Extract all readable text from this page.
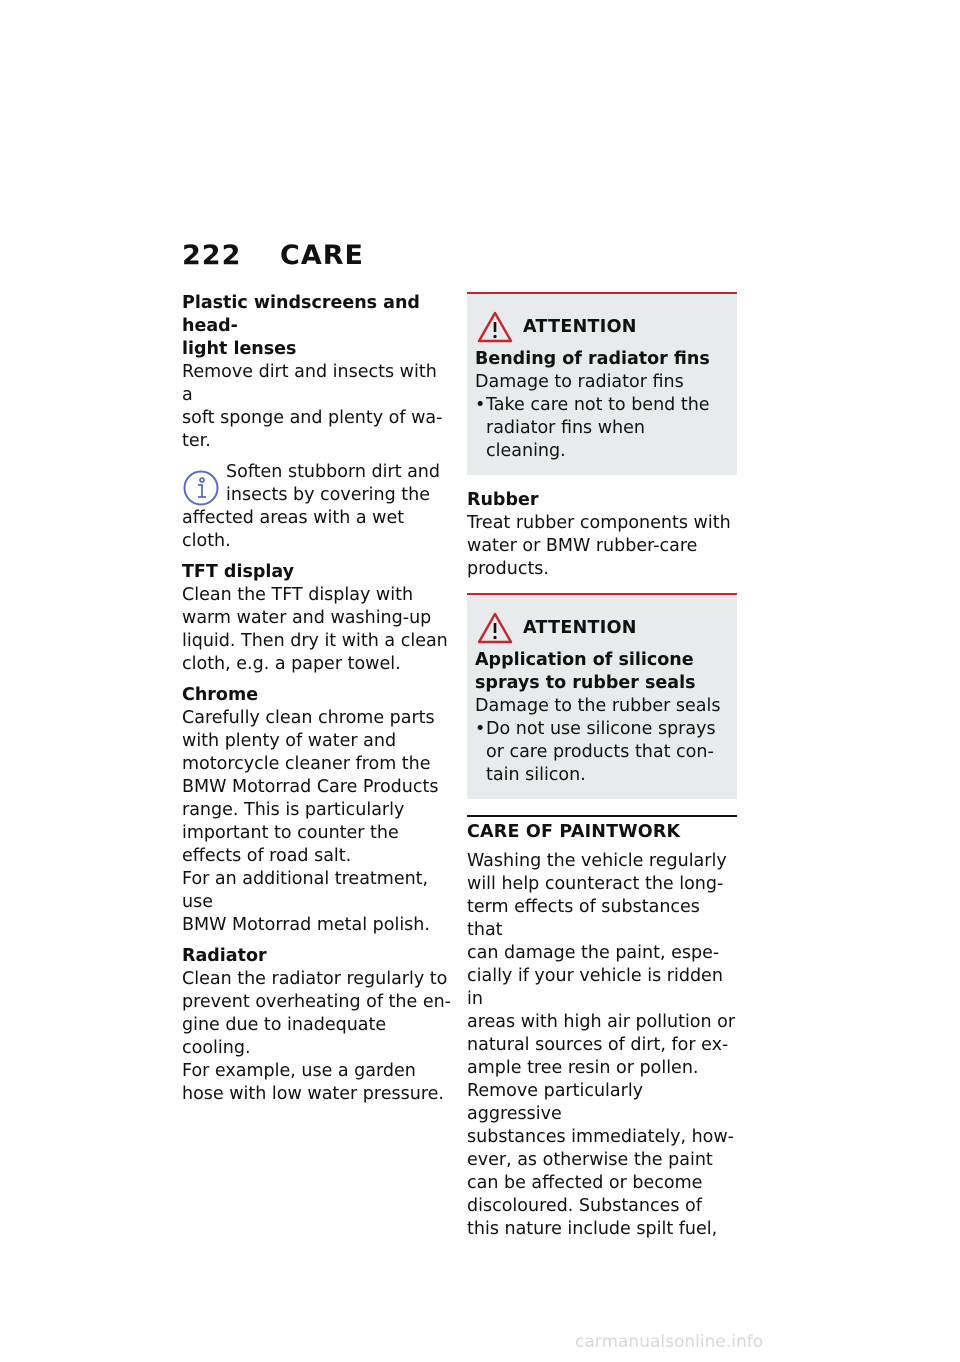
222 CARE
Plastic windscreens and head-
light lenses
Remove dirt and insects with a
soft sponge and plenty of wa-
ter.
Soften stubborn dirt and
insects by covering the
affected areas with a wet cloth.
TFT display
Clean the TFT display with
warm water and washing-up
liquid. Then dry it with a clean
cloth, e.g. a paper towel.
Chrome
Carefully clean chrome parts
with plenty of water and
motorcycle cleaner from the
BMW Motorrad Care Products
range. This is particularly
important to counter the
effects of road salt.
For an additional treatment, use
BMW Motorrad metal polish.
Radiator
Clean the radiator regularly to
prevent overheating of the en-
gine due to inadequate cooling.
For example, use a garden
hose with low water pressure.
ATTENTION
Bending of radiator fins
Damage to radiator fins
• Take care not to bend the
radiator fins when cleaning.
Rubber
Treat rubber components with
water or BMW rubber-care
products.
ATTENTION
Application of silicone
sprays to rubber seals
Damage to the rubber seals
• Do not use silicone sprays
or care products that con-
tain silicon.
CARE OF PAINTWORK
Washing the vehicle regularly
will help counteract the long-
term effects of substances that
can damage the paint, espe-
cially if your vehicle is ridden in
areas with high air pollution or
natural sources of dirt, for ex-
ample tree resin or pollen.
Remove particularly aggressive
substances immediately, how-
ever, as otherwise the paint
can be affected or become
discoloured. Substances of
this nature include spilt fuel,
carmanualsonline.info
